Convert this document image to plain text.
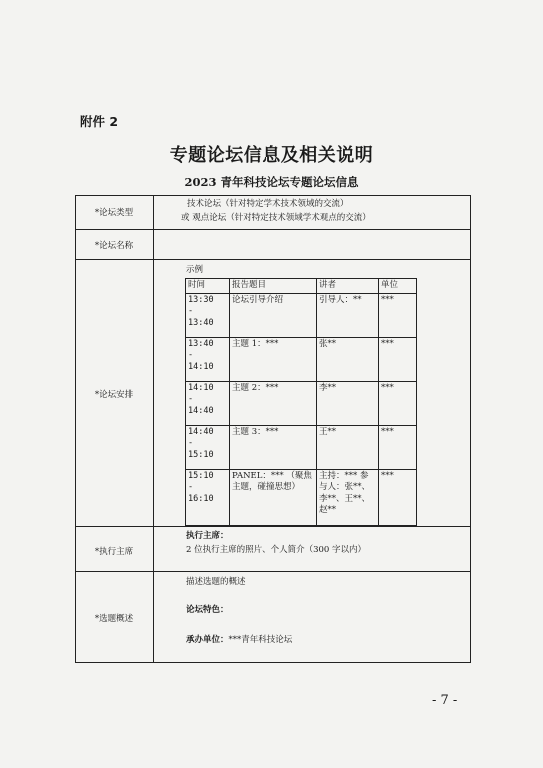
附件 2
专题论坛信息及相关说明
2023 青年科技论坛专题论坛信息
*论坛类型
技术论坛（针对特定学术技术领域的交流）
或 观点论坛（针对特定技术领域学术观点的交流）
*论坛名称
*论坛安排
示例
时间	报告题目	讲者	单位

13:30
-
13:40	论坛引导介绍	引导人：**	***

13:40
-
14:10	主题 1：***	张**	***

14:10
-
14:40	主题 2：***	李**	***

14:40
-
15:10	主题 3：***	王**	***

15:10
-
16:10	PANEL：*** （聚焦主题，碰撞思想）	主持：*** 参与人：张**、李**、王**、赵**	***
*执行主席
执行主席：
2 位执行主席的照片、个人简介（300 字以内）
*选题概述
描述选题的概述
论坛特色：
承办单位：***青年科技论坛
- 7 -
